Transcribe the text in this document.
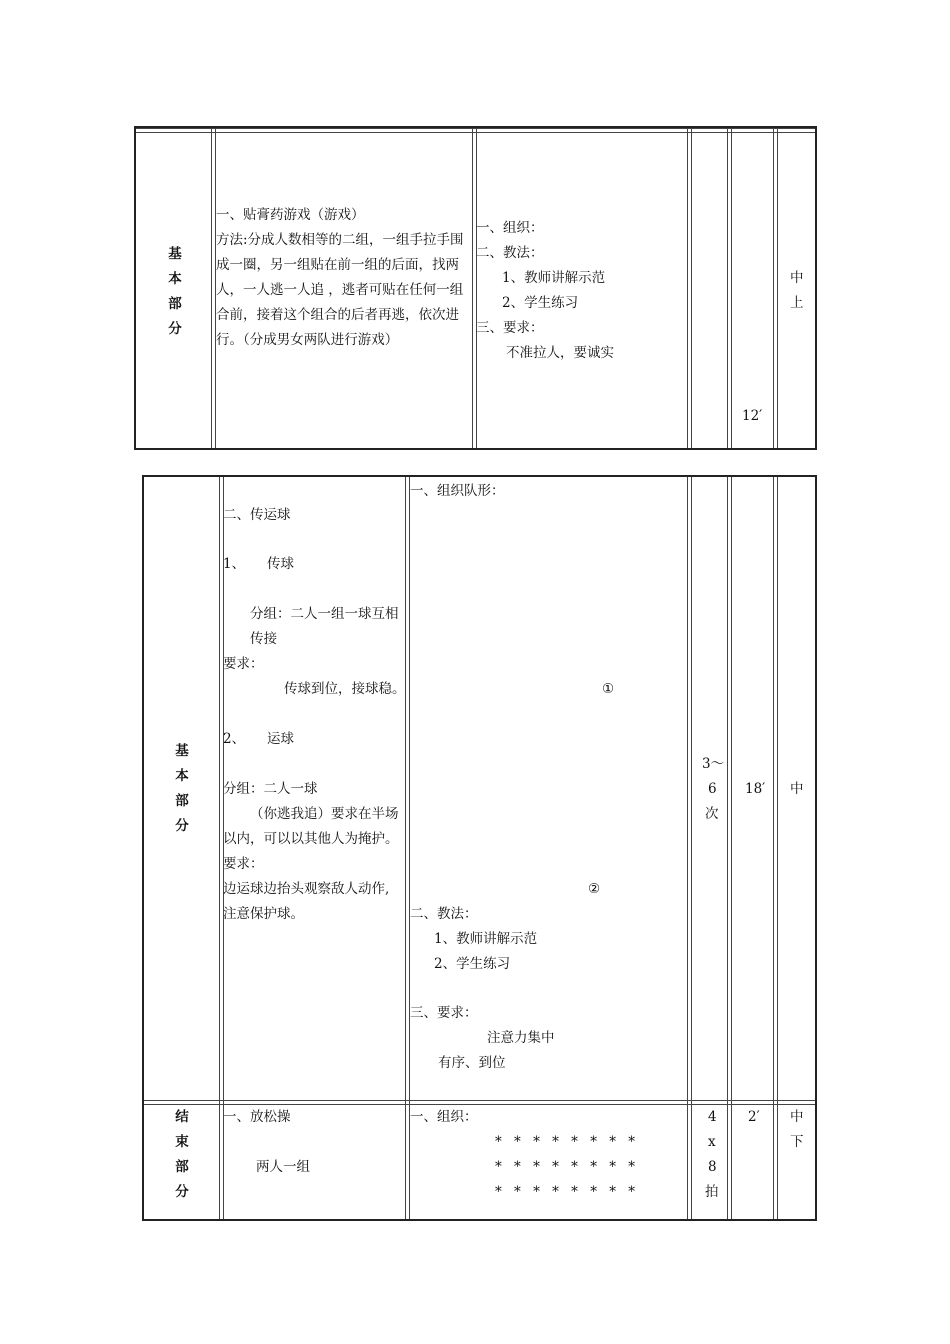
基
本
部
分
一、贴膏药游戏（游戏）
方法:分成人数相等的二组，一组手拉手围
成一圈，另一组贴在前一组的后面，找两
人，一人逃一人追 ，逃者可贴在任何一组
合前，接着这个组合的后者再逃，依次进
行。（分成男女两队进行游戏）
一、组织：
二、教法：
1、教师讲解示范
2、学生练习
三、要求：
不准拉人，要诚实
12′
中
上
基
本
部
分
二、传运球
1、 传球
分组：二人一组一球互相
传接
要求：
传球到位，接球稳。
2、 运球
分组：二人一球
（你逃我追）要求在半场
以内，可以以其他人为掩护。
要求：
边运球边抬头观察敌人动作,
注意保护球。
一、组织队形：
①
②
二、教法：
1、教师讲解示范
2、学生练习
三、要求：
注意力集中
有序、到位
3～
6
次
18′ 中
结
束
部
分
一、放松操
两人一组
一、组织：
* * * * * * * *
* * * * * * * *
* * * * * * * *
4
x
8
拍
2′ 中
下
